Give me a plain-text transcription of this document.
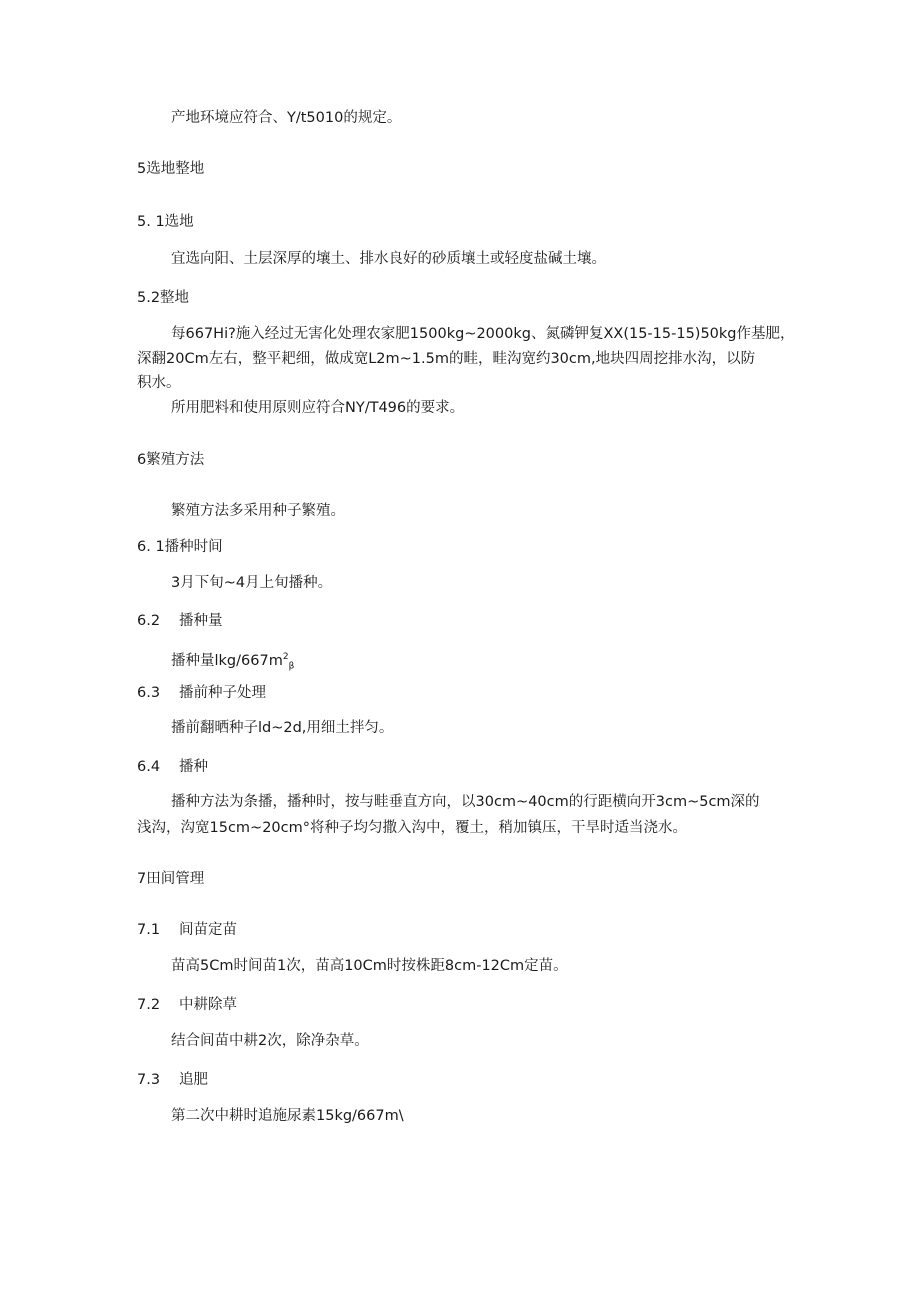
产地环境应符合、Y/t5010的规定。
5选地整地
5. 1选地
宜选向阳、土层深厚的壤土、排水良好的砂质壤土或轻度盐碱土壤。
5.2整地
每667Hi?施入经过无害化处理农家肥1500kg~2000kg、氮磷钾复XX(15-15-15)50kg作基肥，
深翻20Cm左右，整平耙细，做成宽L2m~1.5m的畦，畦沟宽约30cm,地块四周挖排水沟，以防
积水。
所用肥料和使用原则应符合NY/T496的要求。
6繁殖方法
繁殖方法多采用种子繁殖。
6. 1播种时间
3月下旬~4月上旬播种。
6.2 播种量
播种量lkg/$667m^2_\beta$
6.3 播前种子处理
播前翻晒种子ld~2d,用细土拌匀。
6.4 播种
播种方法为条播，播种时，按与畦垂直方向，以30cm~40cm的行距横向开3cm~5cm深的
浅沟，沟宽15cm~20cm°将种子均匀撒入沟中，覆土，稍加镇压，干旱时适当浇水。
7田间管理
7.1 间苗定苗
苗高5Cm时间苗1次，苗高10Cm时按株距8cm-12Cm定苗。
7.2 中耕除草
结合间苗中耕2次，除净杂草。
7.3 追肥
第二次中耕时追施尿素15kg/667m\
